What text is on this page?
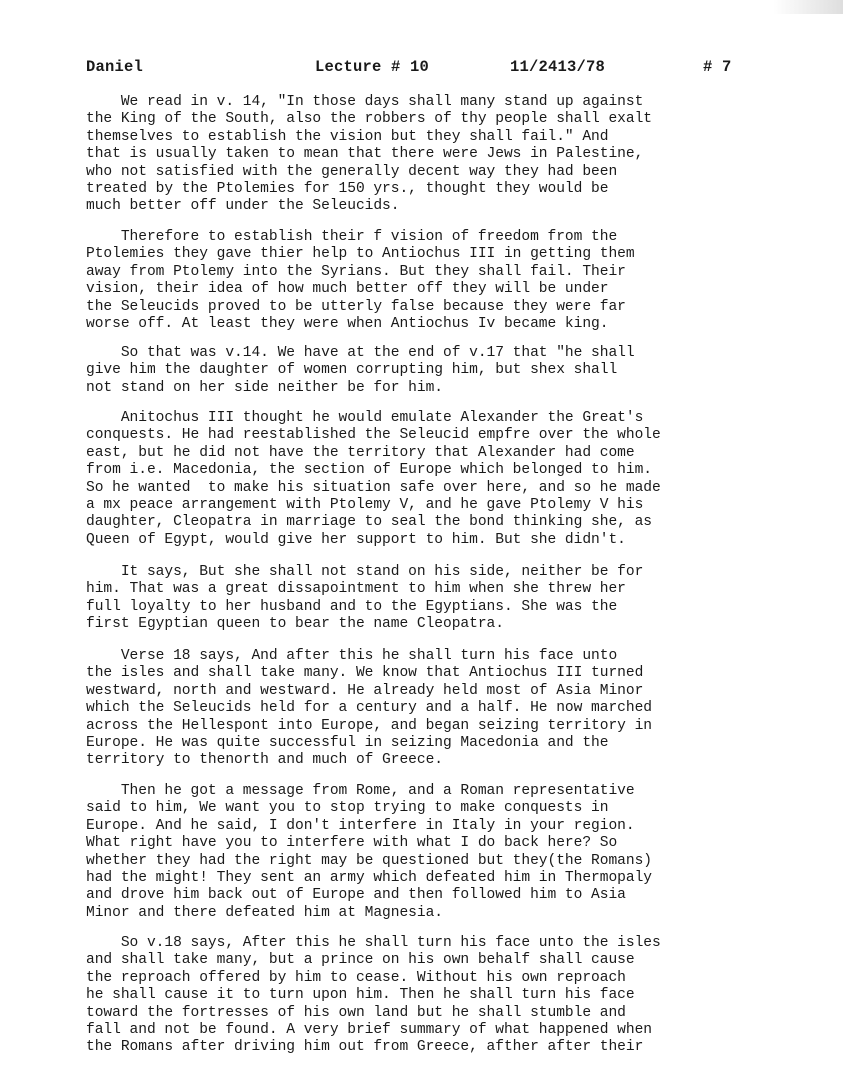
Daniel	Lecture # 10	11/2413/78	# 7
We read in v. 14, "In those days shall many stand up against
the King of the South, also the robbers of thy people shall exalt
themselves to establish the vision but they shall fail." And
that is usually taken to mean that there were Jews in Palestine,
who not satisfied with the generally decent way they had been
treated by the Ptolemies for 150 yrs., thought they would be
much better off under the Seleucids.
Therefore to establish their f vision of freedom from the
Ptolemies they gave thier help to Antiochus III in getting them
away from Ptolemy into the Syrians. But they shall fail. Their
vision, their idea of how much better off they will be under
the Seleucids proved to be utterly false because they were far
worse off. At least they were when Antiochus Iv became king.
So that was v.14. We have at the end of v.17 that "he shall
give him the daughter of women corrupting him, but shex shall
not stand on her side neither be for him.
Anitochus III thought he would emulate Alexander the Great's
conquests. He had reestablished the Seleucid empfre over the whole
east, but he did not have the territory that Alexander had come
from i.e. Macedonia, the section of Europe which belonged to him.
So he wanted  to make his situation safe over here, and so he made
a mx peace arrangement with Ptolemy V, and he gave Ptolemy V his
daughter, Cleopatra in marriage to seal the bond thinking she, as
Queen of Egypt, would give her support to him. But she didn't.
It says, But she shall not stand on his side, neither be for
him. That was a great dissapointment to him when she threw her
full loyalty to her husband and to the Egyptians. She was the
first Egyptian queen to bear the name Cleopatra.
Verse 18 says, And after this he shall turn his face unto
the isles and shall take many. We know that Antiochus III turned
westward, north and westward. He already held most of Asia Minor
which the Seleucids held for a century and a half. He now marched
across the Hellespont into Europe, and began seizing territory in
Europe. He was quite successful in seizing Macedonia and the
territory to thenorth and much of Greece.
Then he got a message from Rome, and a Roman representative
said to him, We want you to stop trying to make conquests in
Europe. And he said, I don't interfere in Italy in your region.
What right have you to interfere with what I do back here? So
whether they had the right may be questioned but they(the Romans)
had the might! They sent an army which defeated him in Thermopaly
and drove him back out of Europe and then followed him to Asia
Minor and there defeated him at Magnesia.
So v.18 says, After this he shall turn his face unto the isles
and shall take many, but a prince on his own behalf shall cause
the reproach offered by him to cease. Without his own reproach
he shall cause it to turn upon him. Then he shall turn his face
toward the fortresses of his own land but he shall stumble and
fall and not be found. A very brief summary of what happened when
the Romans after driving him out from Greece, afther after their
